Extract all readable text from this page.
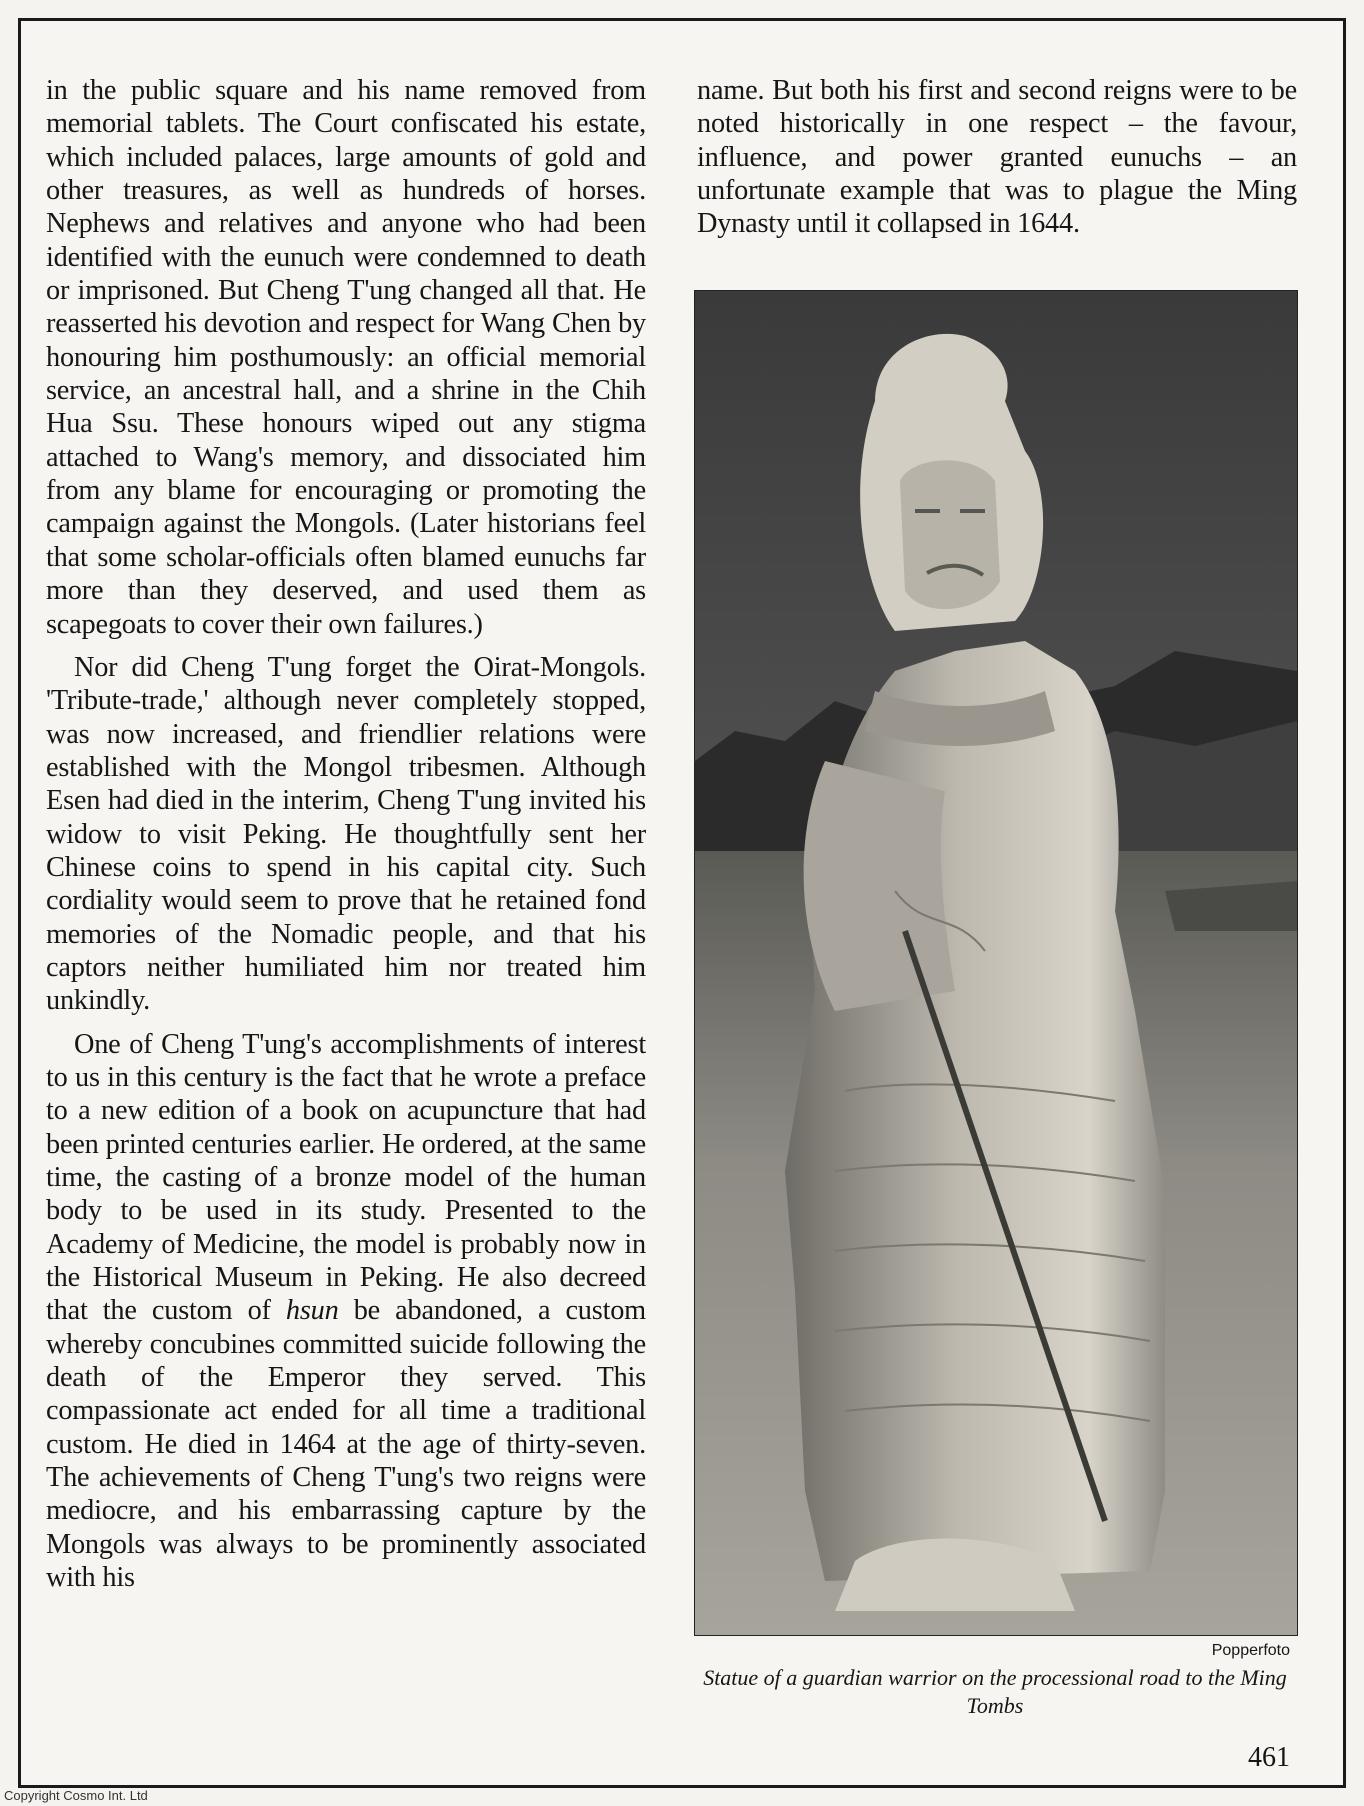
in the public square and his name removed from memorial tablets. The Court confiscated his estate, which included palaces, large amounts of gold and other treasures, as well as hundreds of horses. Nephews and relatives and anyone who had been identified with the eunuch were condemned to death or imprisoned. But Cheng T'ung changed all that. He reasserted his devotion and respect for Wang Chen by honouring him posthumously: an official memorial service, an ancestral hall, and a shrine in the Chih Hua Ssu. These honours wiped out any stigma attached to Wang's memory, and dissociated him from any blame for encouraging or promoting the campaign against the Mongols. (Later historians feel that some scholar-officials often blamed eunuchs far more than they deserved, and used them as scapegoats to cover their own failures.)

Nor did Cheng T'ung forget the Oirat-Mongols. 'Tribute-trade,' although never completely stopped, was now increased, and friendlier relations were established with the Mongol tribesmen. Although Esen had died in the interim, Cheng T'ung invited his widow to visit Peking. He thoughtfully sent her Chinese coins to spend in his capital city. Such cordiality would seem to prove that he retained fond memories of the Nomadic people, and that his captors neither humiliated him nor treated him unkindly.

One of Cheng T'ung's accomplishments of interest to us in this century is the fact that he wrote a preface to a new edition of a book on acupuncture that had been printed centuries earlier. He ordered, at the same time, the casting of a bronze model of the human body to be used in its study. Presented to the Academy of Medicine, the model is probably now in the Historical Museum in Peking. He also decreed that the custom of hsun be abandoned, a custom whereby concubines committed suicide following the death of the Emperor they served. This compassionate act ended for all time a traditional custom. He died in 1464 at the age of thirty-seven. The achievements of Cheng T'ung's two reigns were mediocre, and his embarrassing capture by the Mongols was always to be prominently associated with his

name. But both his first and second reigns were to be noted historically in one respect – the favour, influence, and power granted eunuchs – an unfortunate example that was to plague the Ming Dynasty until it collapsed in 1644.

Popperfoto
Statue of a guardian warrior on the processional road to the Ming Tombs
461
Copyright Cosmo Int. Ltd
